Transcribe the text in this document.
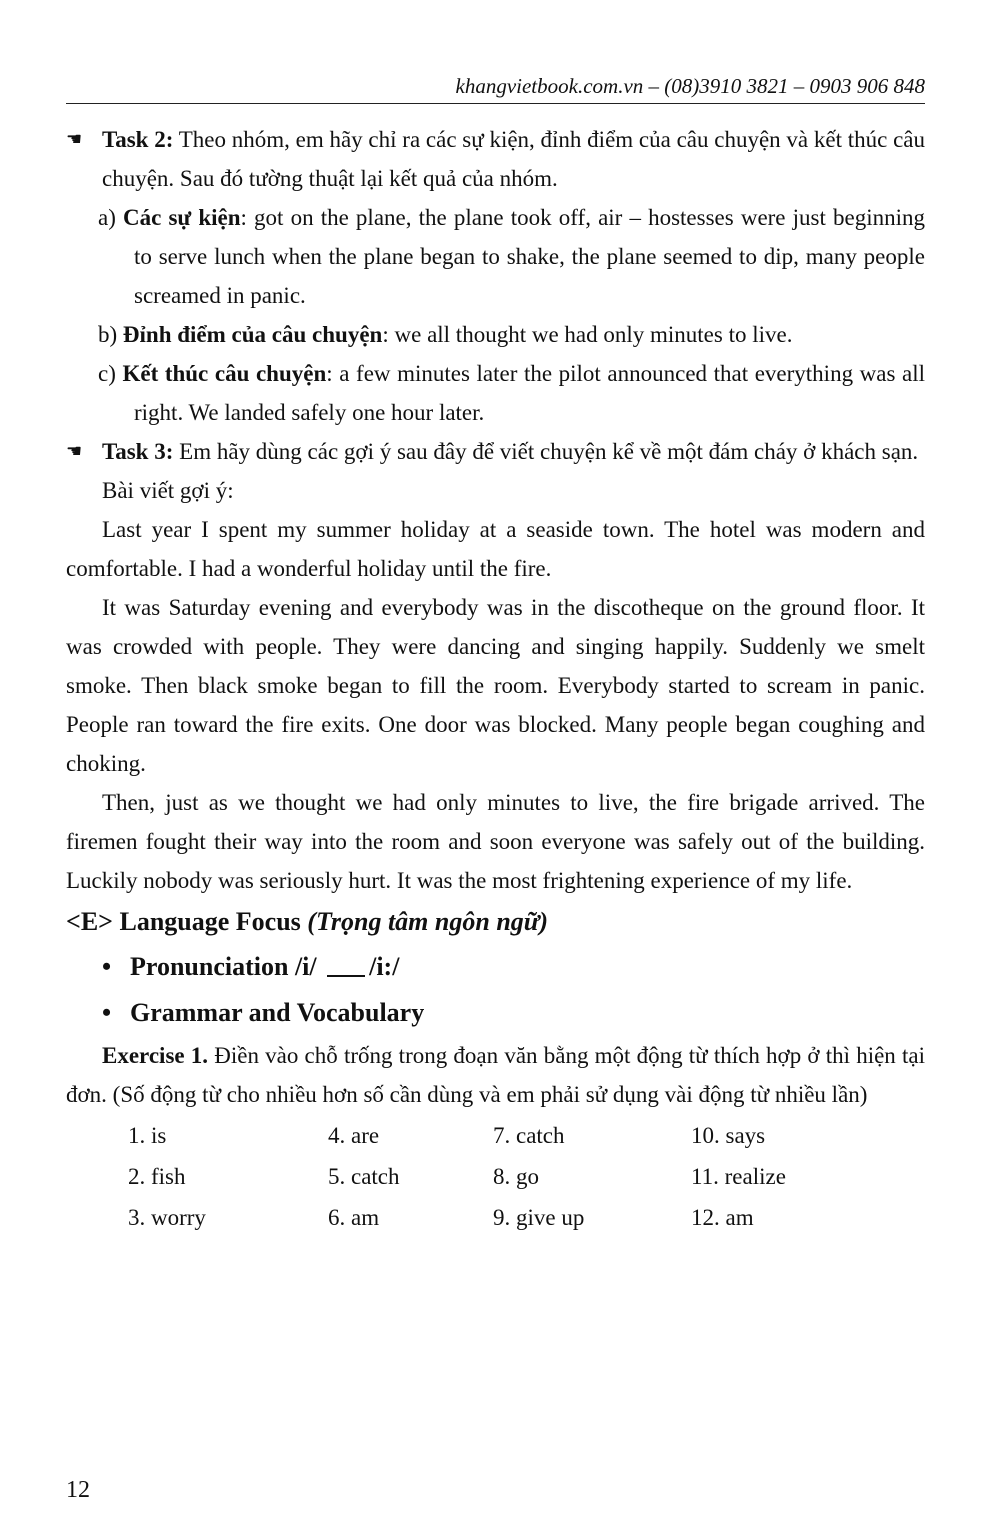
khangvietbook.com.vn – (08)3910 3821 – 0903 906 848

☚ Task 2: Theo nhóm, em hãy chỉ ra các sự kiện, đỉnh điểm của câu chuyện và kết thúc câu chuyện. Sau đó tường thuật lại kết quả của nhóm.

a) Các sự kiện: got on the plane, the plane took off, air – hostesses were just beginning to serve lunch when the plane began to shake, the plane seemed to dip, many people screamed in panic.

b) Đỉnh điểm của câu chuyện: we all thought we had only minutes to live.

c) Kết thúc câu chuyện: a few minutes later the pilot announced that everything was all right. We landed safely one hour later.

☚ Task 3: Em hãy dùng các gợi ý sau đây để viết chuyện kể về một đám cháy ở khách sạn.

Bài viết gợi ý:

Last year I spent my summer holiday at a seaside town. The hotel was modern and comfortable. I had a wonderful holiday until the fire.

It was Saturday evening and everybody was in the discotheque on the ground floor. It was crowded with people. They were dancing and singing happily. Suddenly we smelt smoke. Then black smoke began to fill the room. Everybody started to scream in panic. People ran toward the fire exits. One door was blocked. Many people began coughing and choking.

Then, just as we thought we had only minutes to live, the fire brigade arrived. The firemen fought their way into the room and soon everyone was safely out of the building. Luckily nobody was seriously hurt. It was the most frightening experience of my life.

<E> Language Focus (Trọng tâm ngôn ngữ)

• Pronunciation /i/ /i:/

• Grammar and Vocabulary

Exercise 1. Điền vào chỗ trống trong đoạn văn bằng một động từ thích hợp ở thì hiện tại đơn. (Số động từ cho nhiều hơn số cần dùng và em phải sử dụng vài động từ nhiều lần)

1. is	4. are	7. catch	10. says
2. fish	5. catch	8. go	11. realize
3. worry	6. am	9. give up	12. am
12
